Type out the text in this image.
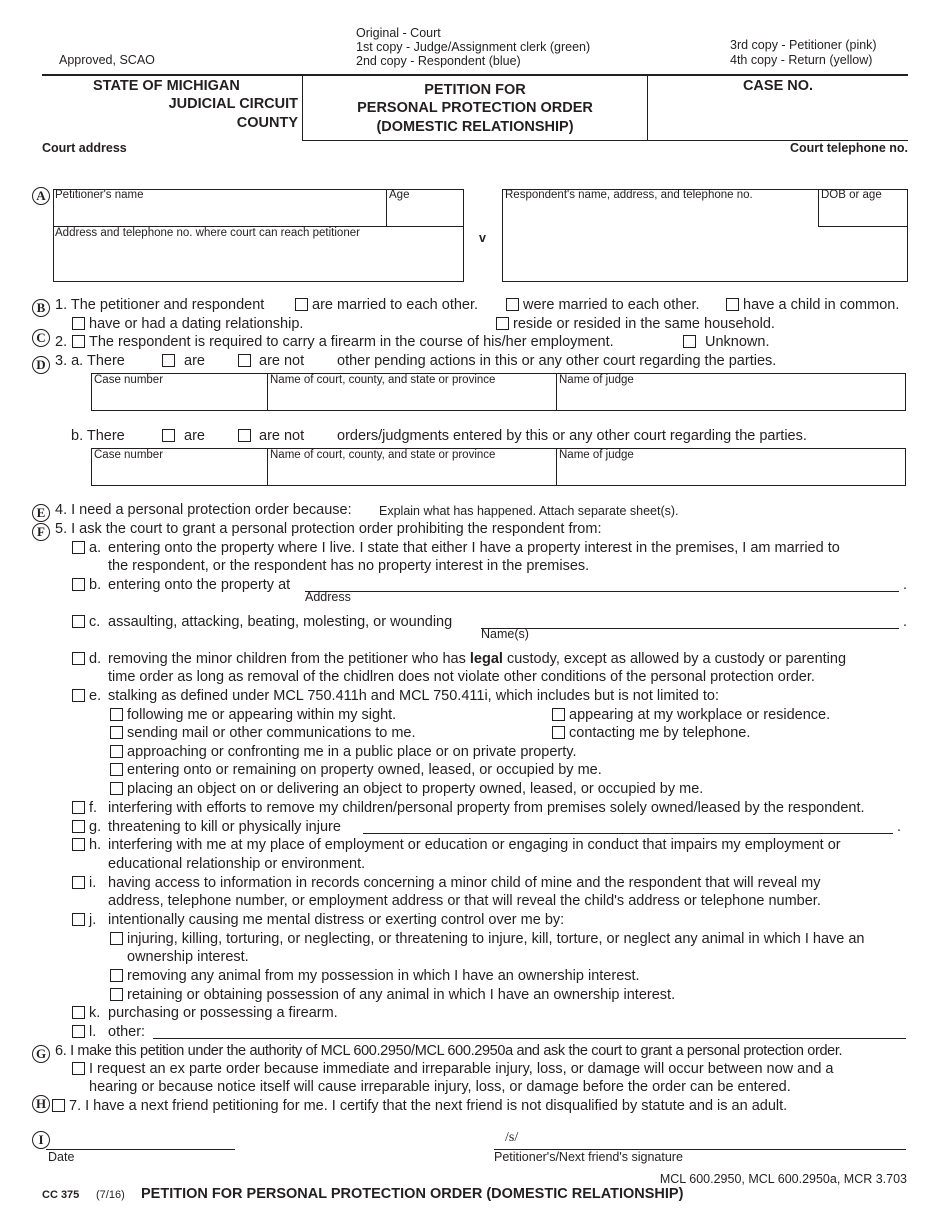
Approved, SCAO
Original - Court
1st copy - Judge/Assignment clerk (green)
2nd copy - Respondent (blue)
3rd copy - Petitioner (pink)
4th copy - Return (yellow)
STATE OF MICHIGAN
JUDICIAL CIRCUIT
COUNTY
PETITION FOR
PERSONAL PROTECTION ORDER
(DOMESTIC RELATIONSHIP)
CASE NO.
Court address	Court telephone no.
A Petitioner's name	Age
Address and telephone no. where court can reach petitioner	v
Respondent's name, address, and telephone no.	DOB or age
B 1. The petitioner and respondent	are married to each other.	were married to each other.	have a child in common.
have or had a dating relationship.	reside or resided in the same household.
C 2. The respondent is required to carry a firearm in the course of his/her employment.	Unknown.
D 3. a. There	are	are not other pending actions in this or any other court regarding the parties.
Case number	Name of court, county, and state or province	Name of judge
b. There	are	are not orders/judgments entered by this or any other court regarding the parties.
Case number	Name of court, county, and state or province	Name of judge
E 4. I need a personal protection order because: Explain what has happened. Attach separate sheet(s).
F 5. I ask the court to grant a personal protection order prohibiting the respondent from:
a. entering onto the property where I live. I state that either I have a property interest in the premises, I am married to
the respondent, or the respondent has no property interest in the premises.
b. entering onto the property at	.
Address
c. assaulting, attacking, beating, molesting, or wounding	.
Name(s)
d. removing the minor children from the petitioner who has legal custody, except as allowed by a custody or parenting
time order as long as removal of the chidlren does not violate other conditions of the personal protection order.
e. stalking as defined under MCL 750.411h and MCL 750.411i, which includes but is not limited to:
following me or appearing within my sight.	appearing at my workplace or residence.
sending mail or other communications to me.	contacting me by telephone.
approaching or confronting me in a public place or on private property.
entering onto or remaining on property owned, leased, or occupied by me.
placing an object on or delivering an object to property owned, leased, or occupied by me.
f. interfering with efforts to remove my children/personal property from premises solely owned/leased by the respondent.
g. threatening to kill or physically injure	.
h. interfering with me at my place of employment or education or engaging in conduct that impairs my employment or
educational relationship or environment.
i. having access to information in records concerning a minor child of mine and the respondent that will reveal my
address, telephone number, or employment address or that will reveal the child's address or telephone number.
j. intentionally causing me mental distress or exerting control over me by:
injuring, killing, torturing, or neglecting, or threatening to injure, kill, torture, or neglect any animal in which I have an
ownership interest.
removing any animal from my possession in which I have an ownership interest.
retaining or obtaining possession of any animal in which I have an ownership interest.
k. purchasing or possessing a firearm.
l. other:
G 6. I make this petition under the authority of MCL 600.2950/MCL 600.2950a and ask the court to grant a personal protection order.
I request an ex parte order because immediate and irreparable injury, loss, or damage will occur between now and a
hearing or because notice itself will cause irreparable injury, loss, or damage before the order can be entered.
H 7. I have a next friend petitioning for me. I certify that the next friend is not disqualified by statute and is an adult.
I
Date
/s/
Petitioner's/Next friend's signature
MCL 600.2950, MCL 600.2950a, MCR 3.703
CC 375 (7/16) PETITION FOR PERSONAL PROTECTION ORDER (DOMESTIC RELATIONSHIP)
